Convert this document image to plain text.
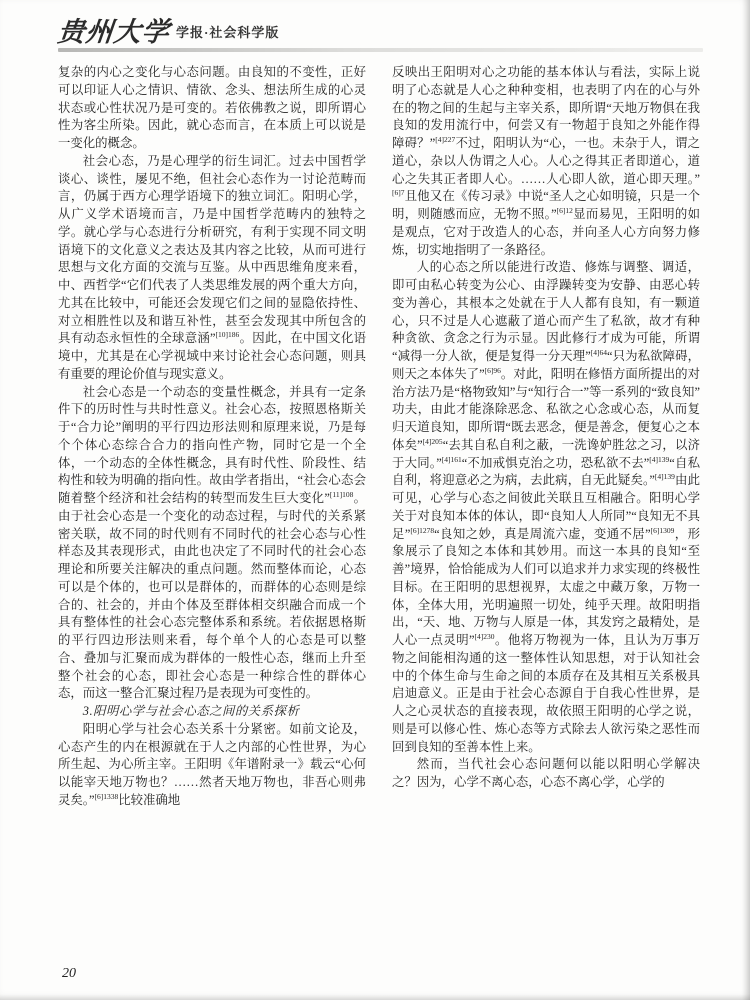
贵州大学 $^{学报\cdot 社会科学版}$

复杂的内心之变化与心态问题。由良知的不变性，正好可以印证人心之情识、情欲、念头、想法所生成的心灵状态或心性状况乃是可变的。若依佛教之说，即所谓心性为客尘所染。因此，就心态而言，在本质上可以说是一变化的概念。

社会心态，乃是心理学的衍生词汇。过去中国哲学谈心、谈性，屡见不绝，但社会心态作为一讨论范畴而言，仍属于西方心理学语境下的独立词汇。阳明心学，从广义学术语境而言，乃是中国哲学范畴内的独特之学。就心学与心态进行分析研究，有利于实现不同文明语境下的文化意义之表达及其内容之比较，从而可进行思想与文化方面的交流与互鉴。从中西思维角度来看，中、西哲学“它们代表了人类思维发展的两个重大方向，尤其在比较中，可能还会发现它们之间的显隐依持性、对立相胜性以及和谐互补性，甚至会发现其中所包含的具有动态永恒性的全球意涵”$^{[10]186}$。因此，在中国文化语境中，尤其是在心学视域中来讨论社会心态问题，则具有重要的理论价值与现实意义。

社会心态是一个动态的变量性概念，并具有一定条件下的历时性与共时性意义。社会心态，按照恩格斯关于“合力论”阐明的平行四边形法则和原理来说，乃是每个个体心态综合合力的指向性产物，同时它是一个全体，一个动态的全体性概念，具有时代性、阶段性、结构性和较为明确的指向性。故由学者指出，“社会心态会随着整个经济和社会结构的转型而发生巨大变化”$^{[11]108}$。由于社会心态是一个变化的动态过程，与时代的关系紧密关联，故不同的时代则有不同时代的社会心态与心性样态及其表现形式，由此也决定了不同时代的社会心态理论和所要关注解决的重点问题。然而整体而论，心态可以是个体的，也可以是群体的，而群体的心态则是综合的、社会的，并由个体及至群体相交织融合而成一个具有整体性的社会心态完整体系和系统。若依据恩格斯的平行四边形法则来看，每个单个人的心态是可以整合、叠加与汇聚而成为群体的一般性心态，继而上升至整个社会的心态，即社会心态是一种综合性的群体心态，而这一整合汇聚过程乃是表现为可变性的。

3.阳明心学与社会心态之间的关系探析

阳明心学与社会心态关系十分紧密。如前文论及，心态产生的内在根源就在于人之内部的心性世界，为心所生起、为心所主宰。王阳明《年谱附录一》载云“心何以能宰天地万物也？……然者天地万物也，非吾心则弗灵矣。”$^{[6]1338}$比较准确地

反映出王阳明对心之功能的基本体认与看法，实际上说明了心态就是人心之种种变相，也表明了内在的心与外在的物之间的生起与主宰关系，即所谓“天地万物俱在我良知的发用流行中，何尝又有一物超于良知之外能作得障碍？”$^{[4]227}$不过，阳明认为“心，一也。未杂于人，谓之道心，杂以人伪谓之人心。人心之得其正者即道心，道心之失其正者即人心。……人心即人欲，道心即天理。”$^{[6]7}$且他又在《传习录》中说“圣人之心如明镜，只是一个明，则随感而应，无物不照。”$^{[6]12}$显而易见，王阳明的如是观点，它对于改造人的心态，并向圣人心方向努力修炼，切实地指明了一条路径。

人的心态之所以能进行改造、修炼与调整、调适，即可由私心转变为公心、由浮躁转变为安静、由恶心转变为善心，其根本之处就在于人人都有良知，有一颗道心，只不过是人心遮蔽了道心而产生了私欲，故才有种种贪欲、贪念之行为示显。因此修行才成为可能，所谓“减得一分人欲，便是复得一分天理”$^{[4]64}$“只为私欲障碍，则天之本体失了”$^{[6]96}$。对此，阳明在修悟方面所提出的对治方法乃是“格物致知”与“知行合一”等一系列的“致良知”功夫，由此才能涤除恶念、私欲之心念或心态，从而复归天道良知，即所谓“既去恶念，便是善念，便复心之本体矣”$^{[4]205}$“去其自私自利之蔽，一洗谗妒胜忿之习，以济于大同。”$^{[4]161}$“不加戒惧克治之功，恐私欲不去”$^{[4]139}$“自私自利，将迎意必之为病，去此病，自无此疑矣。”$^{[4]139}$由此可见，心学与心态之间彼此关联且互相融合。阳明心学关于对良知本体的体认，即“良知人人所同”“良知无不具足”$^{[6]1278}$“良知之妙，真是周流六虚，变通不居”$^{[6]1309}$，形象展示了良知之本体和其妙用。而这一本具的良知“至善”境界，恰恰能成为人们可以追求并力求实现的终极性目标。在王阳明的思想视界，太虚之中藏万象，万物一体，全体大用，光明遍照一切处，纯乎天理。故阳明指出，“天、地、万物与人原是一体，其发窍之最精处，是人心一点灵明”$^{[4]230}$。他将万物视为一体，且认为万事万物之间能相沟通的这一整体性认知思想，对于认知社会中的个体生命与生命之间的本质存在及其相互关系极具启迪意义。正是由于社会心态源自于自我心性世界，是人之心灵状态的直接表现，故依照王阳明的心学之说，则是可以修心性、炼心态等方式除去人欲污染之恶性而回到良知的至善本性上来。

然而，当代社会心态问题何以能以阳明心学解决之？因为，心学不离心态，心态不离心学，心学的

20
